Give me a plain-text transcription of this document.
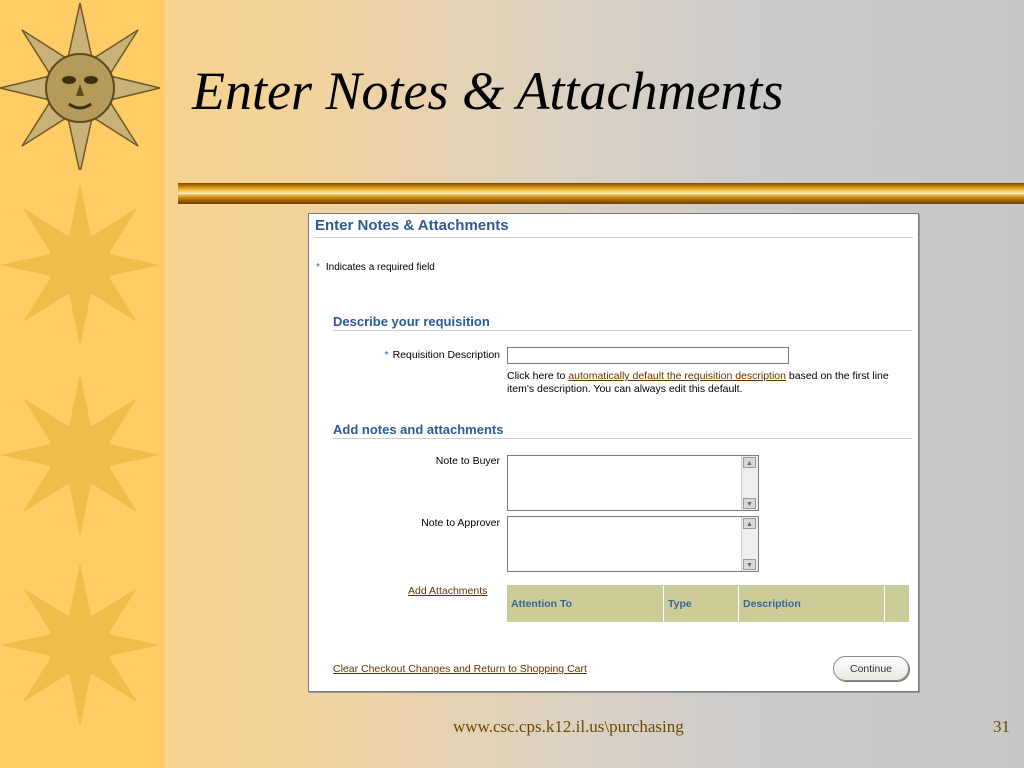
Enter Notes & Attachments
Enter Notes & Attachments
* Indicates a required field
Describe your requisition
* Requisition Description
Click here to automatically default the requisition description based on the first line item's description. You can always edit this default.
Add notes and attachments
Note to Buyer	▲
▼
Note to Approver	▲
▼
Add Attachments
Attention To	Type	Description	
Clear Checkout Changes and Return to Shopping Cart	Continue
www.csc.cps.k12.il.us\purchasing	31
